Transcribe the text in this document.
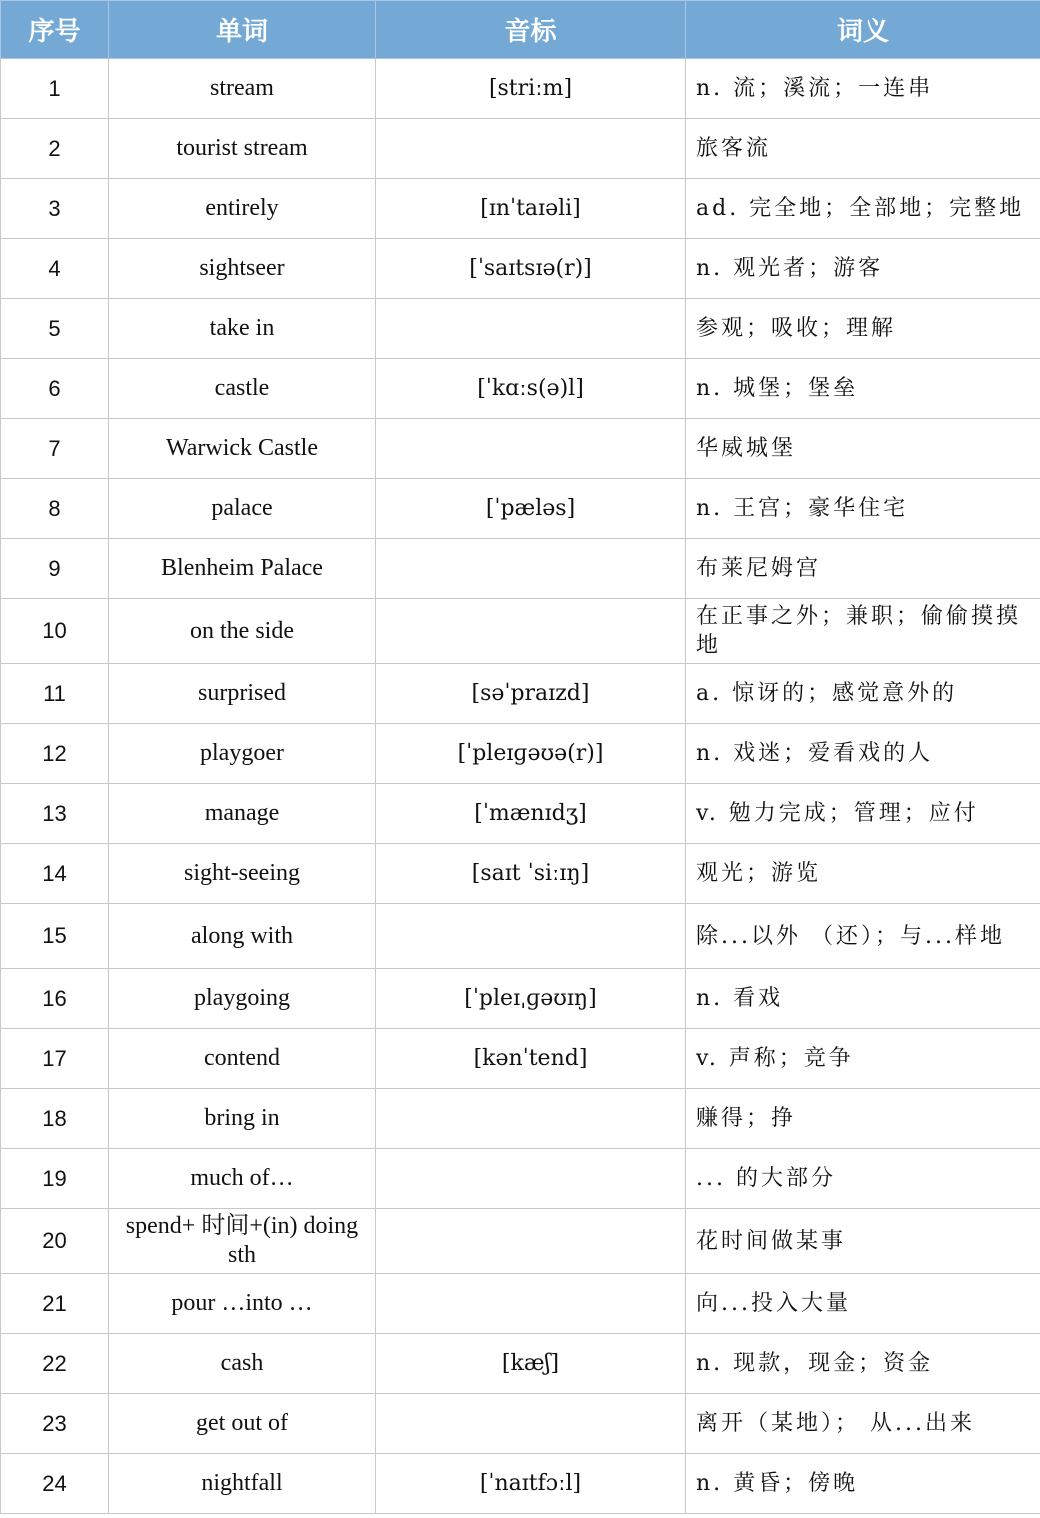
序号	单词	音标	词义
1	stream	[striːm]	n. 流；溪流；一连串
2	tourist stream		旅客流
3	entirely	[ɪnˈtaɪəli]	ad. 完全地；全部地；完整地
4	sightseer	[ˈsaɪtsɪə(r)]	n. 观光者；游客
5	take in		参观；吸收；理解
6	castle	[ˈkɑːs(ə)l]	n. 城堡；堡垒
7	Warwick Castle		华威城堡
8	palace	[ˈpæləs]	n. 王宫；豪华住宅
9	Blenheim Palace		布莱尼姆宫
10	on the side		在正事之外；兼职；偷偷摸摸地
11	surprised	[səˈpraɪzd]	a. 惊讶的；感觉意外的
12	playgoer	[ˈpleɪɡəʊə(r)]	n. 戏迷；爱看戏的人
13	manage	[ˈmænɪdʒ]	v. 勉力完成；管理；应付
14	sight-seeing	[saɪt ˈsiːɪŋ]	观光；游览
15	along with		除...以外 （还）；与...样地
16	playgoing	[ˈpleɪˌɡəʊɪŋ]	n. 看戏
17	contend	[kənˈtend]	v. 声称；竞争
18	bring in		赚得；挣
19	much of…		... 的大部分
20	spend+ 时间+(in) doing sth		花时间做某事
21	pour …into …		向...投入大量
22	cash	[kæʃ]	n. 现款，现金；资金
23	get out of		离开（某地）； 从...出来
24	nightfall	[ˈnaɪtfɔːl]	n. 黄昏；傍晚
